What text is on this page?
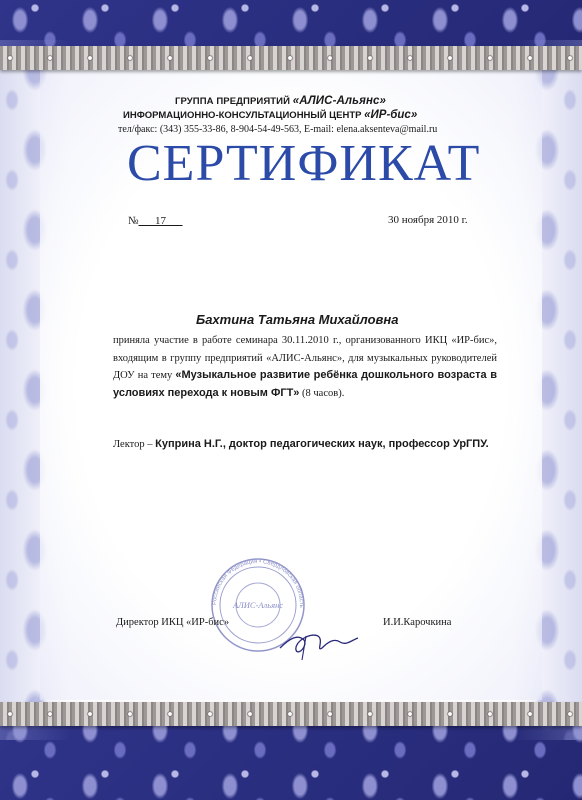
ГРУППА ПРЕДПРИЯТИЙ «АЛИС-Альянс»
ИНФОРМАЦИОННО-КОНСУЛЬТАЦИОННЫЙ ЦЕНТР «ИР-бис»
тел/факс: (343) 355-33-86, 8-904-54-49-563, E-mail: elena.aksenteva@mail.ru
СЕРТИФИКАТ
№___17___	30 ноября 2010 г.
Бахтина Татьяна Михайловна
приняла участие в работе семинара 30.11.2010 г., организованного ИКЦ «ИР-бис», входящим в группу предприятий «АЛИС-Альянс», для музыкальных руководителей ДОУ на тему «Музыкальное развитие ребёнка дошкольного возраста в условиях перехода к новым ФГТ» (8 часов).
Лектор – Куприна Н.Г., доктор педагогических наук, профессор УрГПУ.
Российская Федерация • Свердловская область
АЛИС-Альянс
Директор ИКЦ «ИР-бис»	И.И.Карочкина
